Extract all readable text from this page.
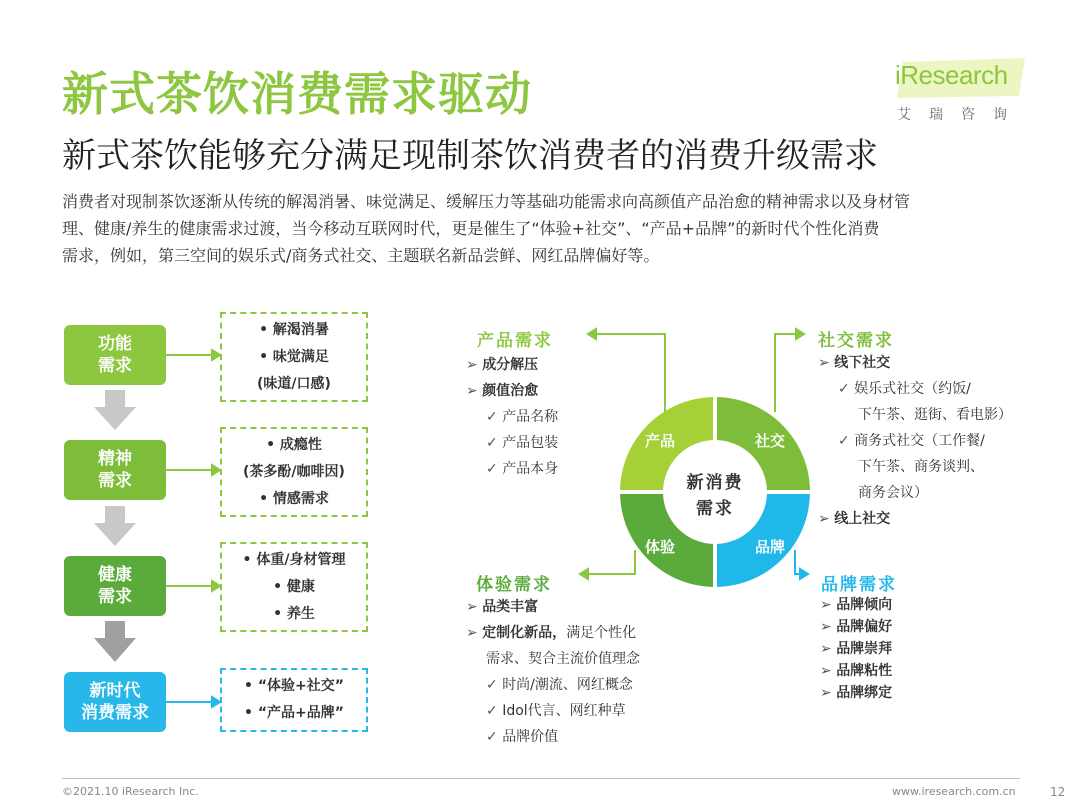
新式茶饮消费需求驱动
新式茶饮能够充分满足现制茶饮消费者的消费升级需求
消费者对现制茶饮逐渐从传统的解渴消暑、味觉满足、缓解压力等基础功能需求向高颜值产品治愈的精神需求以及身材管
理、健康/养生的健康需求过渡，当今移动互联网时代，更是催生了“体验+社交”、“产品+品牌”的新时代个性化消费
需求，例如，第三空间的娱乐式/商务式社交、主题联名新品尝鲜、网红品牌偏好等。
iResearch
艾瑞咨询
功能
需求
精神
需求
健康
需求
新时代
消费需求
• 解渴消暑
• 味觉满足
(味道/口感)
• 成瘾性
(茶多酚/咖啡因)
• 情感需求
• 体重/身材管理
• 健康
• 养生
• “体验+社交”
• “产品+品牌”
产品	社交
体验	品牌
新消费
需求
产品需求
➢ 成分解压
➢ 颜值治愈
✓ 产品名称
✓ 产品包装
✓ 产品本身
社交需求
➢ 线下社交
✓ 娱乐式社交（约饭/
下午茶、逛街、看电影）
✓ 商务式社交（工作餐/
下午茶、商务谈判、
商务会议）
➢ 线上社交
体验需求
➢ 品类丰富
➢ 定制化新品，满足个性化
需求、契合主流价值理念
✓ 时尚/潮流、网红概念
✓ Idol代言、网红种草
✓ 品牌价值
品牌需求
➢ 品牌倾向
➢ 品牌偏好
➢ 品牌崇拜
➢ 品牌粘性
➢ 品牌绑定
©2021.10 iResearch Inc.	www.iresearch.com.cn	12
